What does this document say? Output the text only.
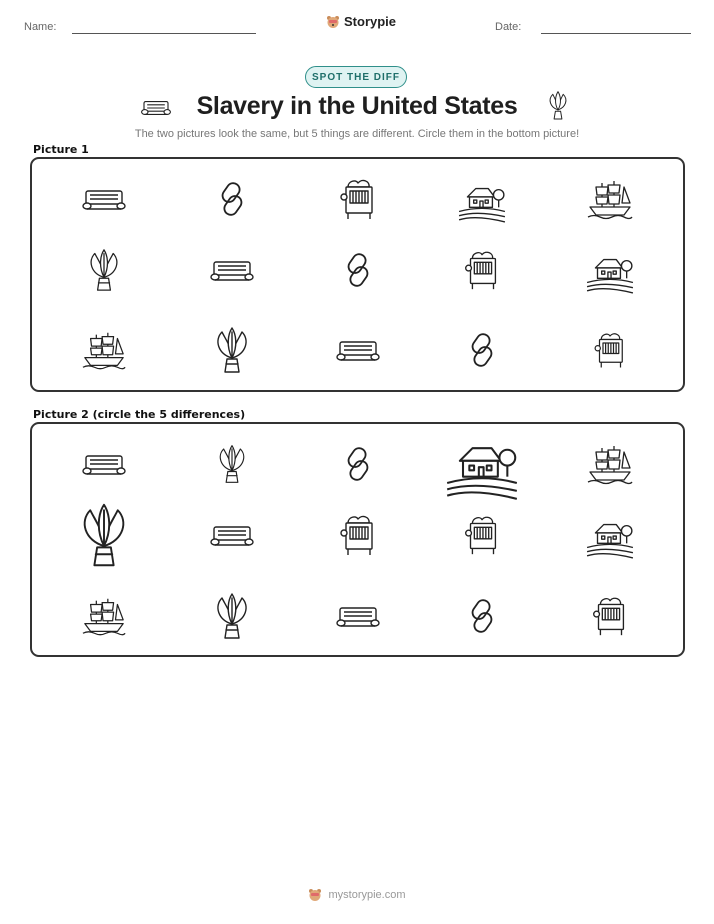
Name:	Storypie	Date:
SPOT THE DIFF
Slavery in the United States
The two pictures look the same, but 5 things are different. Circle them in the bottom picture!
Picture 1
Picture 2 (circle the 5 differences)
mystorypie.com
